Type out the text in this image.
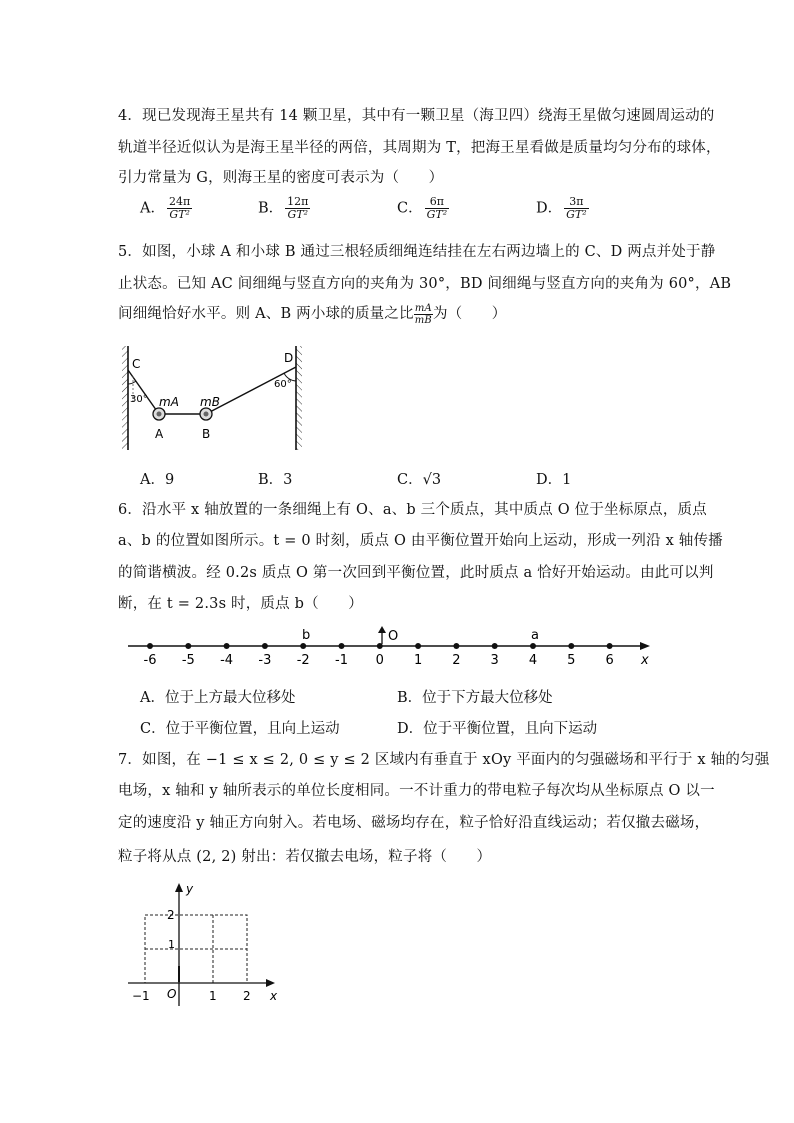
4．现已发现海王星共有 14 颗卫星，其中有一颗卫星（海卫四）绕海王星做匀速圆周运动的
轨道半径近似认为是海王星半径的两倍，其周期为 T，把海王星看做是质量均匀分布的球体，
引力常量为 G，则海王星的密度可表示为（　　）
A． $\frac{24\pi}{\text{GT²}}$	B． $\frac{12\pi}{\text{GT²}}$	C． $\frac{6\pi}{\text{GT²}}$	D． $\frac{3\pi}{\text{GT²}}$
5．如图，小球 A 和小球 B 通过三根轻质细绳连结挂在左右两边墙上的 C、D 两点并处于静
止状态。已知 AC 间细绳与竖直方向的夹角为 30°，BD 间细绳与竖直方向的夹角为 60°，AB
间细绳恰好水平。则 A、B 两小球的质量之比 $\frac{mA}{mB}$ 为（　　）
C	D
30°
60°
mA mB
A	B
A．9	B．3	C．√3	D．1
6．沿水平 x 轴放置的一条细绳上有 O、a、b 三个质点，其中质点 O 位于坐标原点，质点
a、b 的位置如图所示。t = 0 时刻，质点 O 由平衡位置开始向上运动，形成一列沿 x 轴传播
的简谐横波。经 0.2s 质点 O 第一次回到平衡位置，此时质点 a 恰好开始运动。由此可以判
断，在 t = 2.3s 时，质点 b（　　）
-6 -5 -4 -3 -2 -1 0 1 2 3 4 5 6
b	O	a
x
A．位于上方最大位移处	B．位于下方最大位移处
C．位于平衡位置，且向上运动	D．位于平衡位置，且向下运动
7．如图，在 −1 ≤ x ≤ 2, 0 ≤ y ≤ 2 区域内有垂直于 xOy 平面内的匀强磁场和平行于 x 轴的匀强
电场，x 轴和 y 轴所表示的单位长度相同。一不计重力的带电粒子每次均从坐标原点 O 以一
定的速度沿 y 轴正方向射入。若电场、磁场均存在，粒子恰好沿直线运动；若仅撤去磁场，
粒子将从点 (2, 2) 射出：若仅撤去电场，粒子将（　　）
y
x
O
2
1
−1	1 2
